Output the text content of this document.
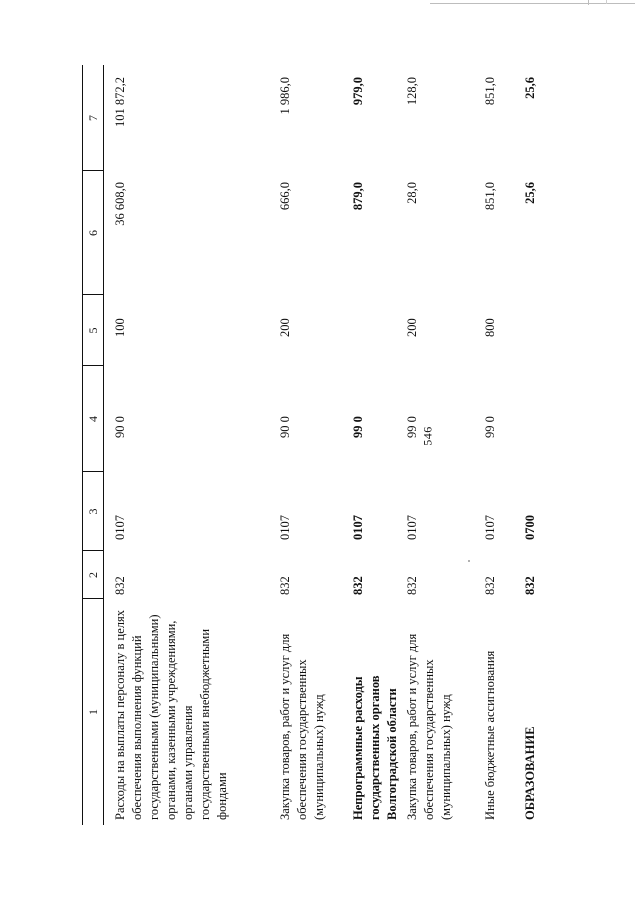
546
1
2
3
4
5
6
7
Расходы на выплаты персоналу в целях обеспечения выполнения функций государственными (муниципальными) органами, казенными учреждениями, органами управления государственными внебюджетными фондами
832
0107
90 0
100
36 608,0
101 872,2
Закупка товаров, работ и услуг для обеспечения государственных (муниципальных) нужд
832
0107
90 0
200
666,0
1 986,0
Непрограммные расходы государственных органов Волгоградской области
832
0107
99 0
879,0
979,0
Закупка товаров, работ и услуг для обеспечения государственных (муниципальных) нужд
832
0107
99 0
200
28,0
128,0
Иные бюджетные ассигнования
832
0107
99 0
800
851,0
851,0
ОБРАЗОВАНИЕ
832
0700
25,6
25,6
